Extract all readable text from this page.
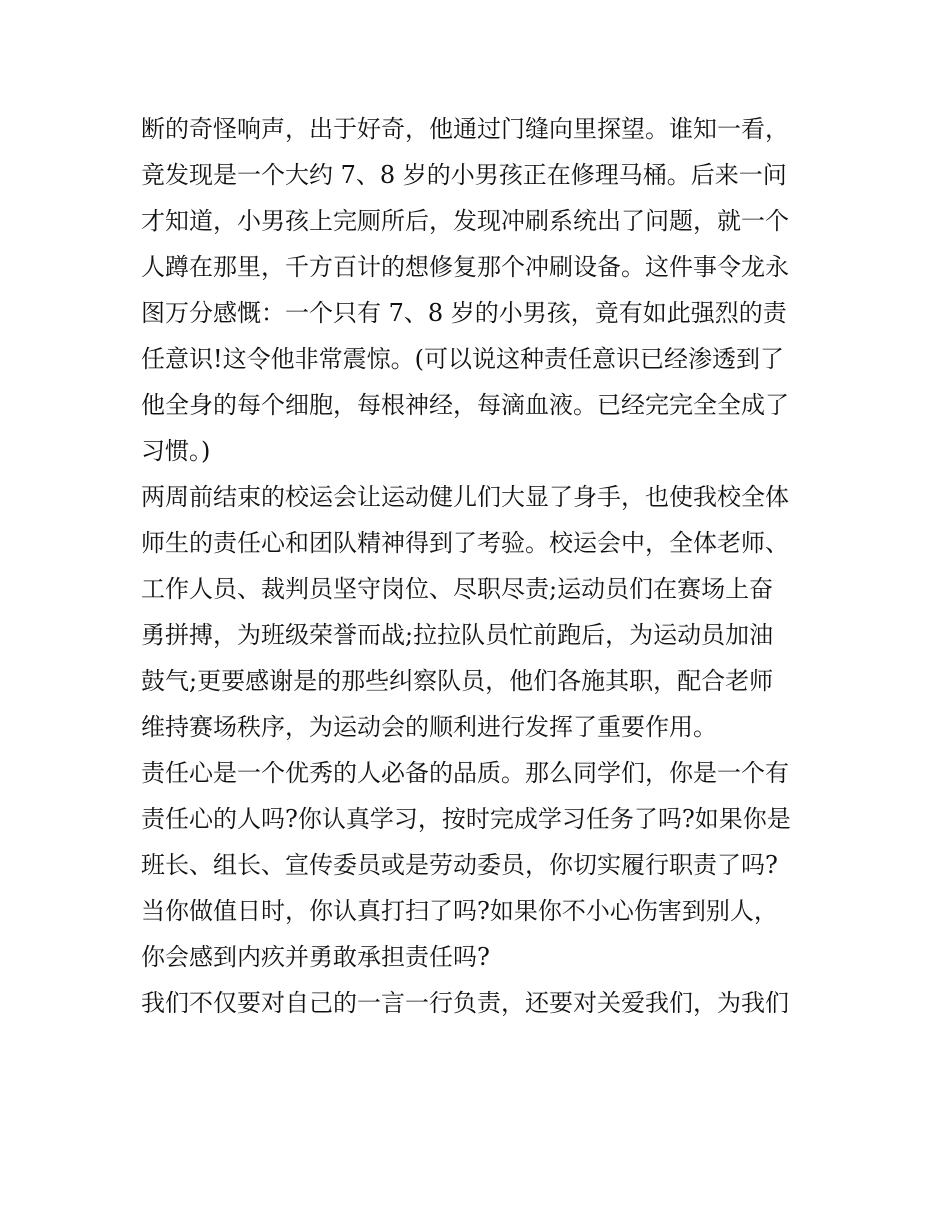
断的奇怪响声，出于好奇，他通过门缝向里探望。谁知一看，
竟发现是一个大约 7、8 岁的小男孩正在修理马桶。后来一问
才知道，小男孩上完厕所后，发现冲刷系统出了问题，就一个
人蹲在那里，千方百计的想修复那个冲刷设备。这件事令龙永
图万分感慨：一个只有 7、8 岁的小男孩，竟有如此强烈的责
任意识!这令他非常震惊。(可以说这种责任意识已经渗透到了
他全身的每个细胞，每根神经，每滴血液。已经完完全全成了
习惯。)
两周前结束的校运会让运动健儿们大显了身手，也使我校全体
师生的责任心和团队精神得到了考验。校运会中，全体老师、
工作人员、裁判员坚守岗位、尽职尽责;运动员们在赛场上奋
勇拼搏，为班级荣誉而战;拉拉队员忙前跑后，为运动员加油
鼓气;更要感谢是的那些纠察队员，他们各施其职，配合老师
维持赛场秩序，为运动会的顺利进行发挥了重要作用。
责任心是一个优秀的人必备的品质。那么同学们，你是一个有
责任心的人吗?你认真学习，按时完成学习任务了吗?如果你是
班长、组长、宣传委员或是劳动委员，你切实履行职责了吗?
当你做值日时，你认真打扫了吗?如果你不小心伤害到别人，
你会感到内疚并勇敢承担责任吗?
我们不仅要对自己的一言一行负责，还要对关爱我们，为我们
